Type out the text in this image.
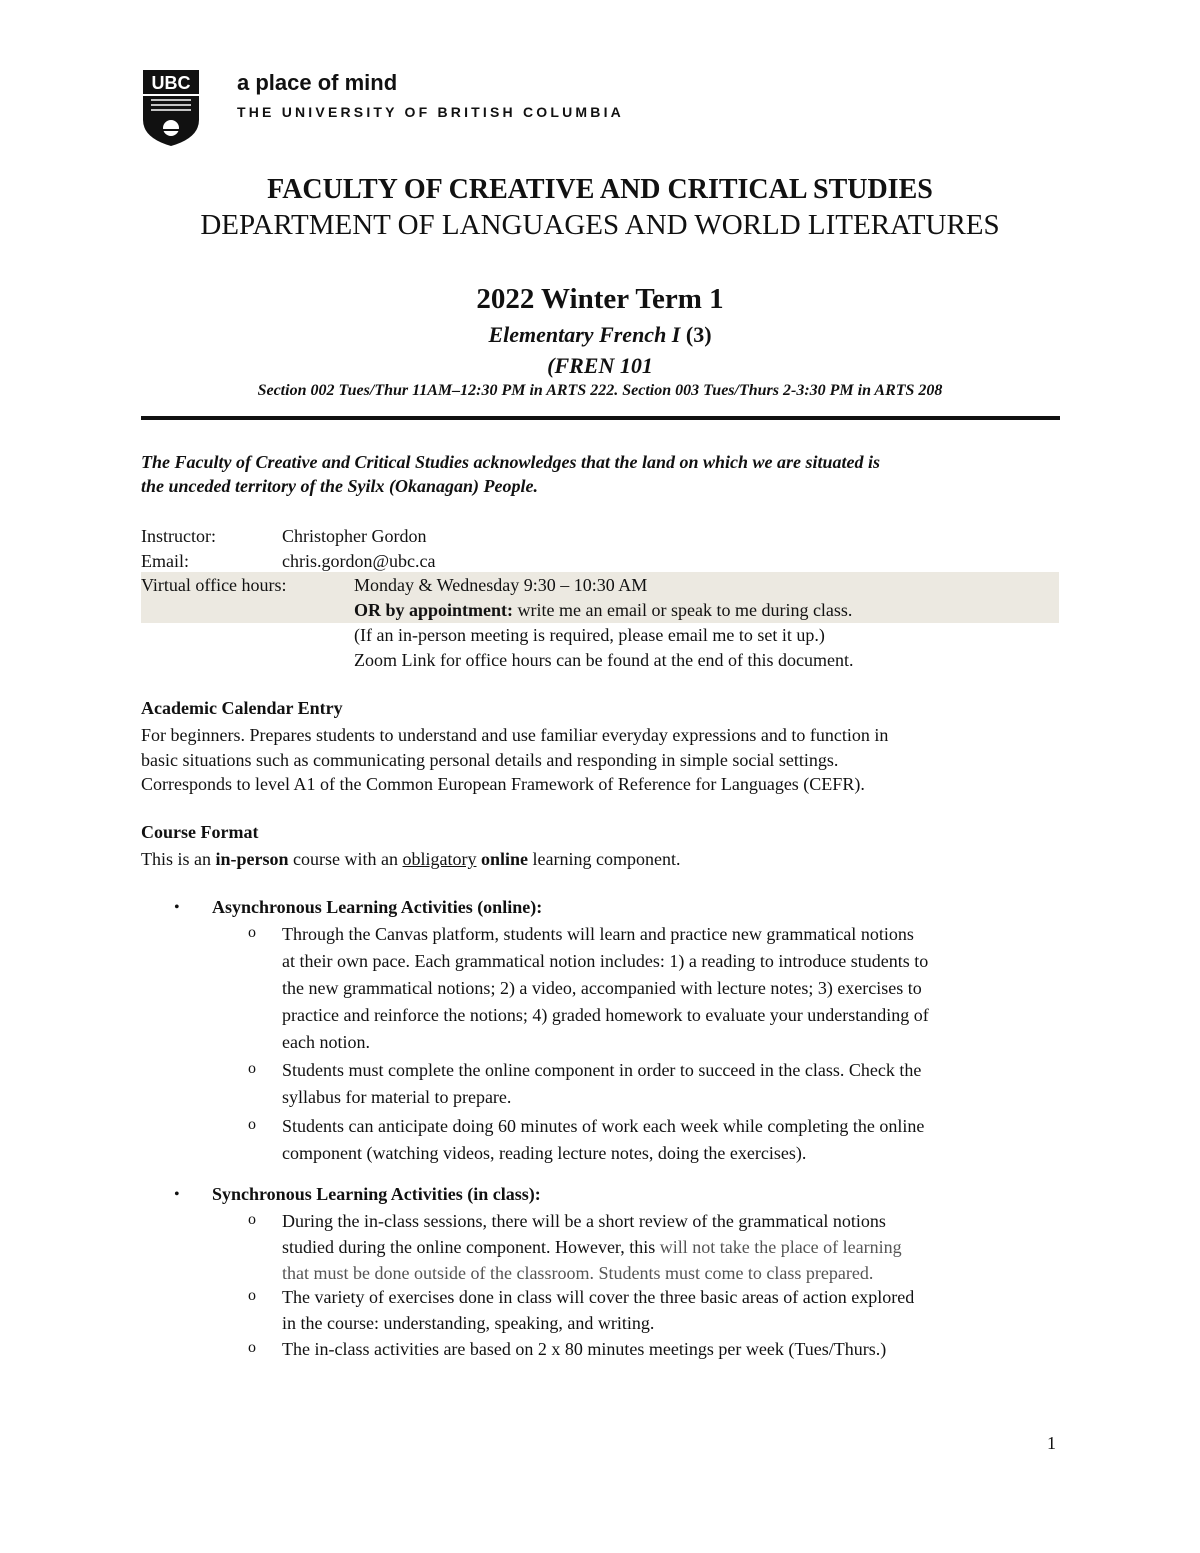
UBC a place of mind
THE UNIVERSITY OF BRITISH COLUMBIA
FACULTY OF CREATIVE AND CRITICAL STUDIES
DEPARTMENT OF LANGUAGES AND WORLD LITERATURES
2022 Winter Term 1
Elementary French I (3)
(FREN 101
Section 002 Tues/Thur 11AM–12:30 PM in ARTS 222. Section 003 Tues/Thurs 2-3:30 PM in ARTS 208
The Faculty of Creative and Critical Studies acknowledges that the land on which we are situated is
the unceded territory of the Syilx (Okanagan) People.
Instructor:	Christopher Gordon
Email:	chris.gordon@ubc.ca
Virtual office hours:	Monday & Wednesday 9:30 – 10:30 AM
OR by appointment: write me an email or speak to me during class.
(If an in-person meeting is required, please email me to set it up.)
Zoom Link for office hours can be found at the end of this document.
Academic Calendar Entry
For beginners. Prepares students to understand and use familiar everyday expressions and to function in
basic situations such as communicating personal details and responding in simple social settings.
Corresponds to level A1 of the Common European Framework of Reference for Languages (CEFR).
Course Format
This is an in-person course with an obligatory online learning component.
• Asynchronous Learning Activities (online):
o Through the Canvas platform, students will learn and practice new grammatical notions
at their own pace. Each grammatical notion includes: 1) a reading to introduce students to
the new grammatical notions; 2) a video, accompanied with lecture notes; 3) exercises to
practice and reinforce the notions; 4) graded homework to evaluate your understanding of
each notion.
o Students must complete the online component in order to succeed in the class. Check the
syllabus for material to prepare.
o Students can anticipate doing 60 minutes of work each week while completing the online
component (watching videos, reading lecture notes, doing the exercises).
• Synchronous Learning Activities (in class):
o During the in-class sessions, there will be a short review of the grammatical notions
studied during the online component. However, this will not take the place of learning
that must be done outside of the classroom. Students must come to class prepared.
o The variety of exercises done in class will cover the three basic areas of action explored
in the course: understanding, speaking, and writing.
o The in-class activities are based on 2 x 80 minutes meetings per week (Tues/Thurs.)
1
